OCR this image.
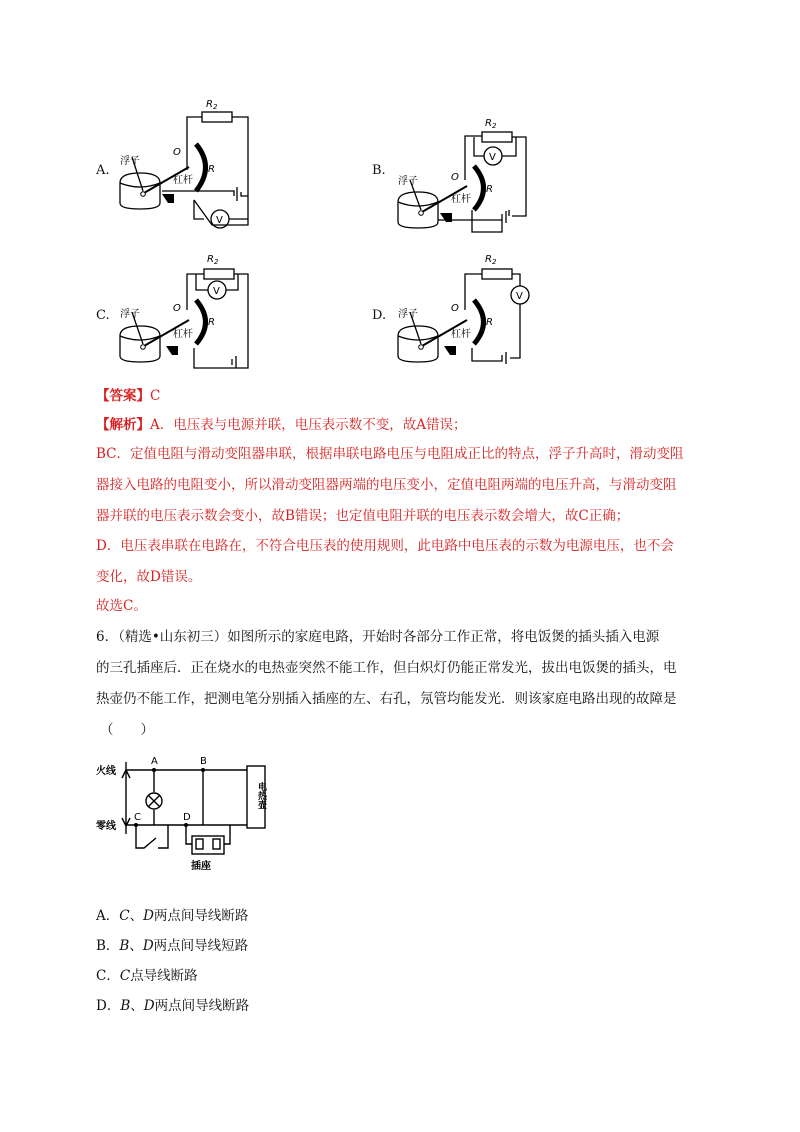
A.
$R_2$
O
R
浮子
杠杆
V
B.
$R_2$
O
R
浮子
杠杆
V
C.
$R_2$
O
R
浮子
杠杆
V
D.
$R_2$
O
R
浮子
杠杆
V
【答案】C
【解析】A．电压表与电源并联，电压表示数不变，故A错误；
BC．定值电阻与滑动变阻器串联，根据串联电路电压与电阻成正比的特点，浮子升高时，滑动变阻
器接入电路的电阻变小，所以滑动变阻器两端的电压变小，定值电阻两端的电压升高，与滑动变阻
器并联的电压表示数会变小，故B错误；也定值电阻并联的电压表示数会增大，故C正确；
D．电压表串联在电路在，不符合电压表的使用规则，此电路中电压表的示数为电源电压，也不会
变化，故D错误。
故选C。
6．（精选•山东初三）如图所示的家庭电路，开始时各部分工作正常，将电饭煲的插头插入电源
的三孔插座后．正在烧水的电热壶突然不能工作，但白炽灯仍能正常发光，拔出电饭煲的插头，电
热壶仍不能工作，把测电笔分别插入插座的左、右孔，氖管均能发光．则该家庭电路出现的故障是
（　　）
火线
零线
A	B
C	D
插座
电热壶
A．C、D两点间导线断路
B．B、D两点间导线短路
C．C点导线断路
D．B、D两点间导线断路
